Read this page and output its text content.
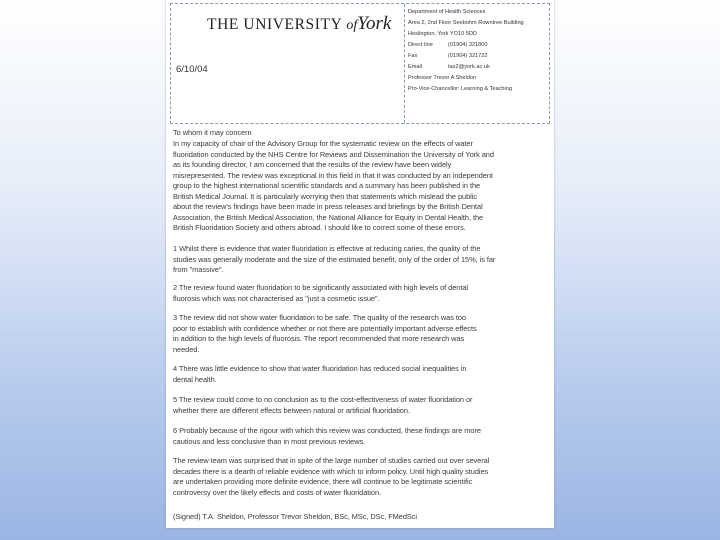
THE UNIVERSITY ofYork
6/10/04
Department of Health Sciences
Area 2, 2nd Floor Seebohm Rowntree Building
Heslington, York YO10 5DD
Direct line	(01904) 321800
Fax	(01904) 321722
Email	tas2@york.ac.uk
Professor Trevor A Sheldon
Pro-Vice-Chancellor: Learning & Teaching
To whom it may concern
In my capacity of chair of the Advisory Group for the systematic review on the effects of water
fluoridation conducted by the NHS Centre for Reviews and Dissemination the University of York and
as its founding director, I am concerned that the results of the review have been widely
misrepresented. The review was exceptional in this field in that it was conducted by an independent
group to the highest international scientific standards and a summary has been published in the
British Medical Journal. It is particularly worrying then that statements which mislead the public
about the review's findings have been made in press releases and briefings by the British Dental
Association, the British Medical Association, the National Alliance for Equity in Dental Health, the
British Fluoridation Society and others abroad. I should like to correct some of these errors.
1 Whilst there is evidence that water fluoridation is effective at reducing caries, the quality of the
studies was generally moderate and the size of the estimated benefit, only of the order of 15%, is far
from "massive".
2 The review found water fluoridation to be significantly associated with high levels of dental
fluorosis which was not characterised as "just a cosmetic issue".
3 The review did not show water fluoridation to be safe. The quality of the research was too
poor to establish with confidence whether or not there are potentially important adverse effects
in addition to the high levels of fluorosis. The report recommended that more research was
needed.
4 There was little evidence to show that water fluoridation has reduced social inequalities in
dental health.
5 The review could come to no conclusion as to the cost-effectiveness of water fluoridation or
whether there are different effects between natural or artificial fluoridation.
6 Probably because of the rigour with which this review was conducted, these findings are more
cautious and less conclusive than in most previous reviews.
The review team was surprised that in spite of the large number of studies carried out over several
decades there is a dearth of reliable evidence with which to inform policy. Until high quality studies
are undertaken providing more definite evidence, there will continue to be legitimate scientific
controversy over the likely effects and costs of water fluoridation.
(Signed) T.A. Sheldon, Professor Trevor Sheldon, BSc, MSc, DSc, FMedSci
